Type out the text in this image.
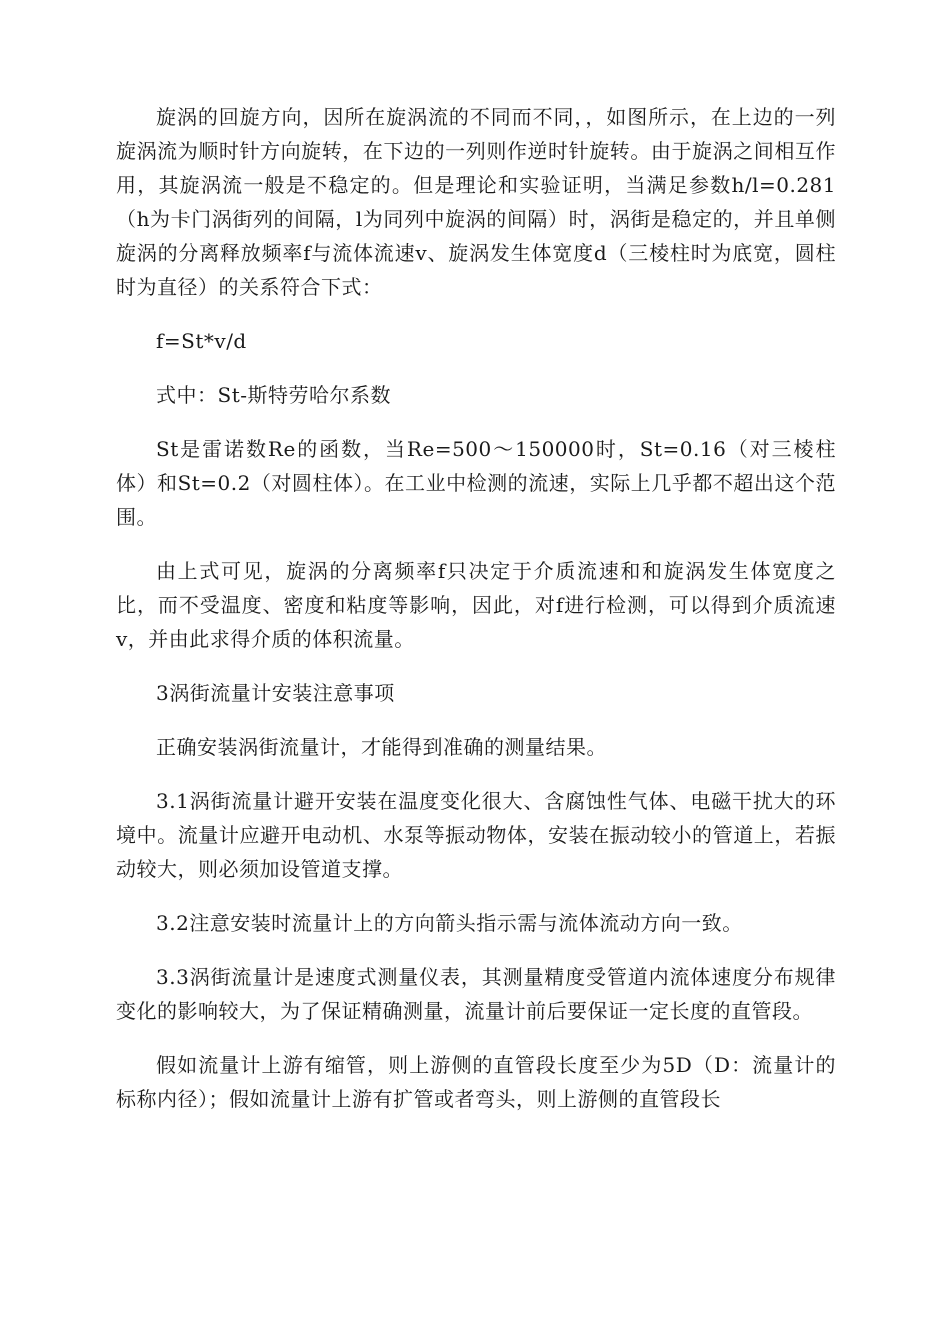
旋涡的回旋方向，因所在旋涡流的不同而不同，，如图所示，在上边的一列旋涡流为顺时针方向旋转，在下边的一列则作逆时针旋转。由于旋涡之间相互作用，其旋涡流一般是不稳定的。但是理论和实验证明，当满足参数h/l=0.281（h为卡门涡街列的间隔，l为同列中旋涡的间隔）时，涡街是稳定的，并且单侧旋涡的分离释放频率f与流体流速v、旋涡发生体宽度d（三棱柱时为底宽，圆柱时为直径）的关系符合下式：

f=St*v/d

式中：St-斯特劳哈尔系数

St是雷诺数Re的函数，当Re=500～150000时，St=0.16（对三棱柱体）和St=0.2（对圆柱体）。在工业中检测的流速，实际上几乎都不超出这个范围。

由上式可见，旋涡的分离频率f只决定于介质流速和和旋涡发生体宽度之比，而不受温度、密度和粘度等影响，因此，对f进行检测，可以得到介质流速v，并由此求得介质的体积流量。

3涡街流量计安装注意事项

正确安装涡街流量计，才能得到准确的测量结果。

3.1涡街流量计避开安装在温度变化很大、含腐蚀性气体、电磁干扰大的环境中。流量计应避开电动机、水泵等振动物体，安装在振动较小的管道上，若振动较大，则必须加设管道支撑。

3.2注意安装时流量计上的方向箭头指示需与流体流动方向一致。

3.3涡街流量计是速度式测量仪表，其测量精度受管道内流体速度分布规律变化的影响较大，为了保证精确测量，流量计前后要保证一定长度的直管段。

假如流量计上游有缩管，则上游侧的直管段长度至少为5D（D：流量计的标称内径）；假如流量计上游有扩管或者弯头，则上游侧的直管段长
